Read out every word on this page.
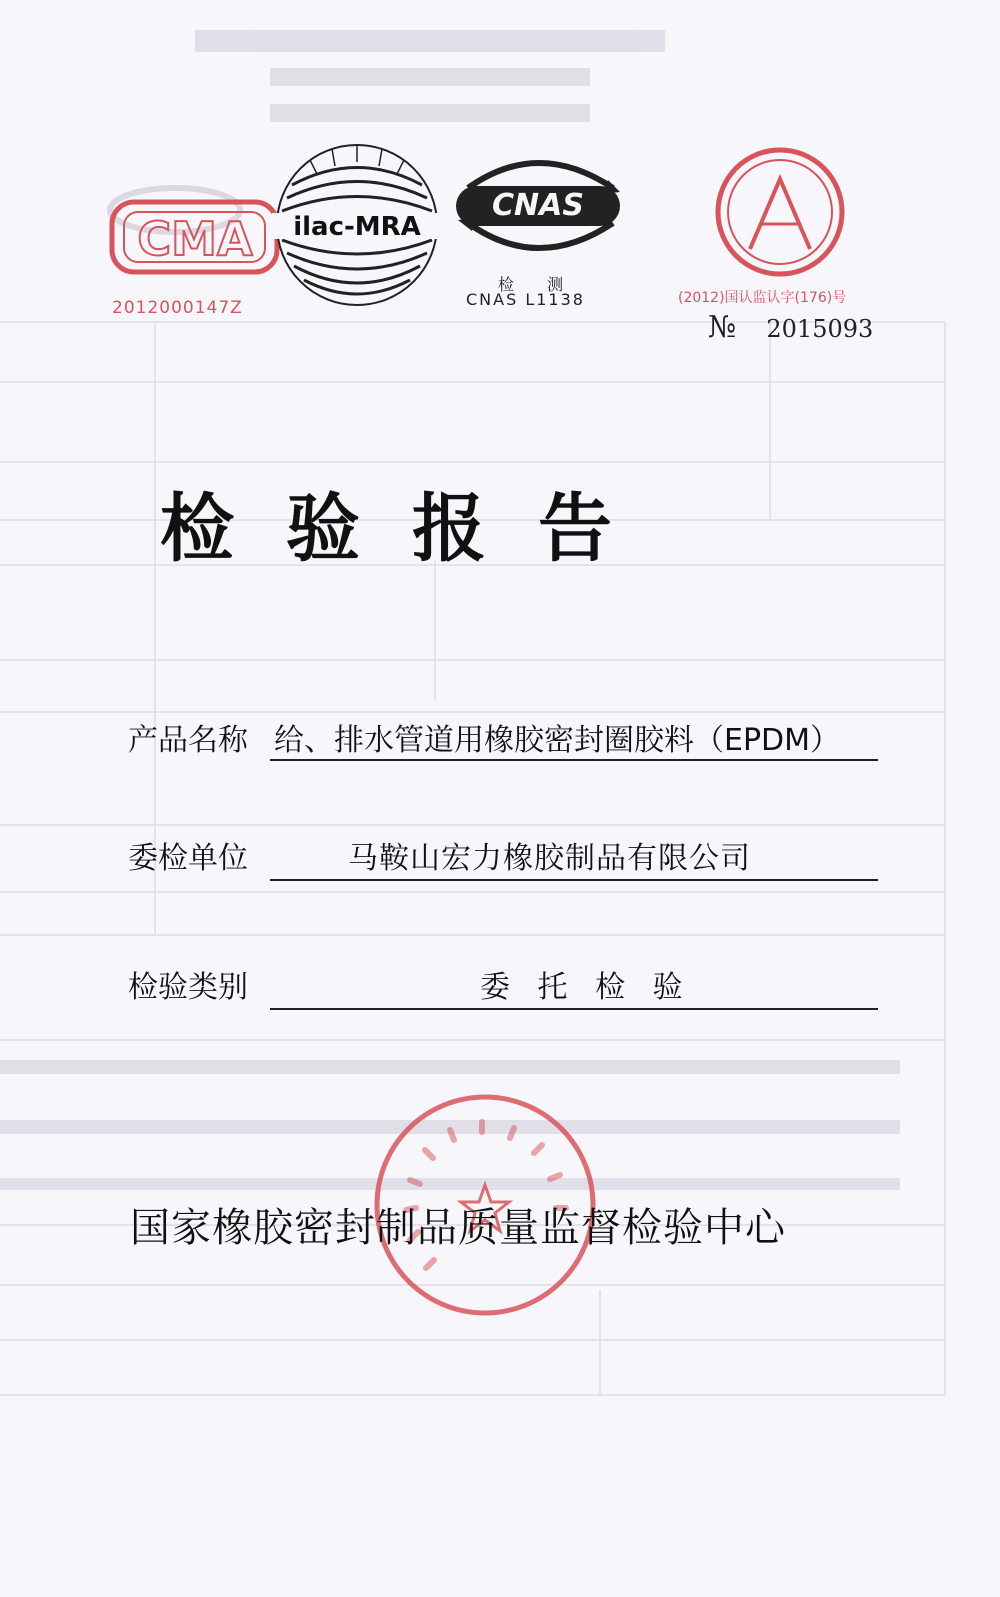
CMA
2012000147Z
ilac-MRA
CNAS
检 测
CNAS L1138	(2012)国认监认字(176)号
№ 2015093
检验报告
产品名称 给、排水管道用橡胶密封圈胶料（EPDM）
委检单位	马鞍山宏力橡胶制品有限公司
检验类别	委 托 检 验
国家橡胶密封制品质量监督检验中心
